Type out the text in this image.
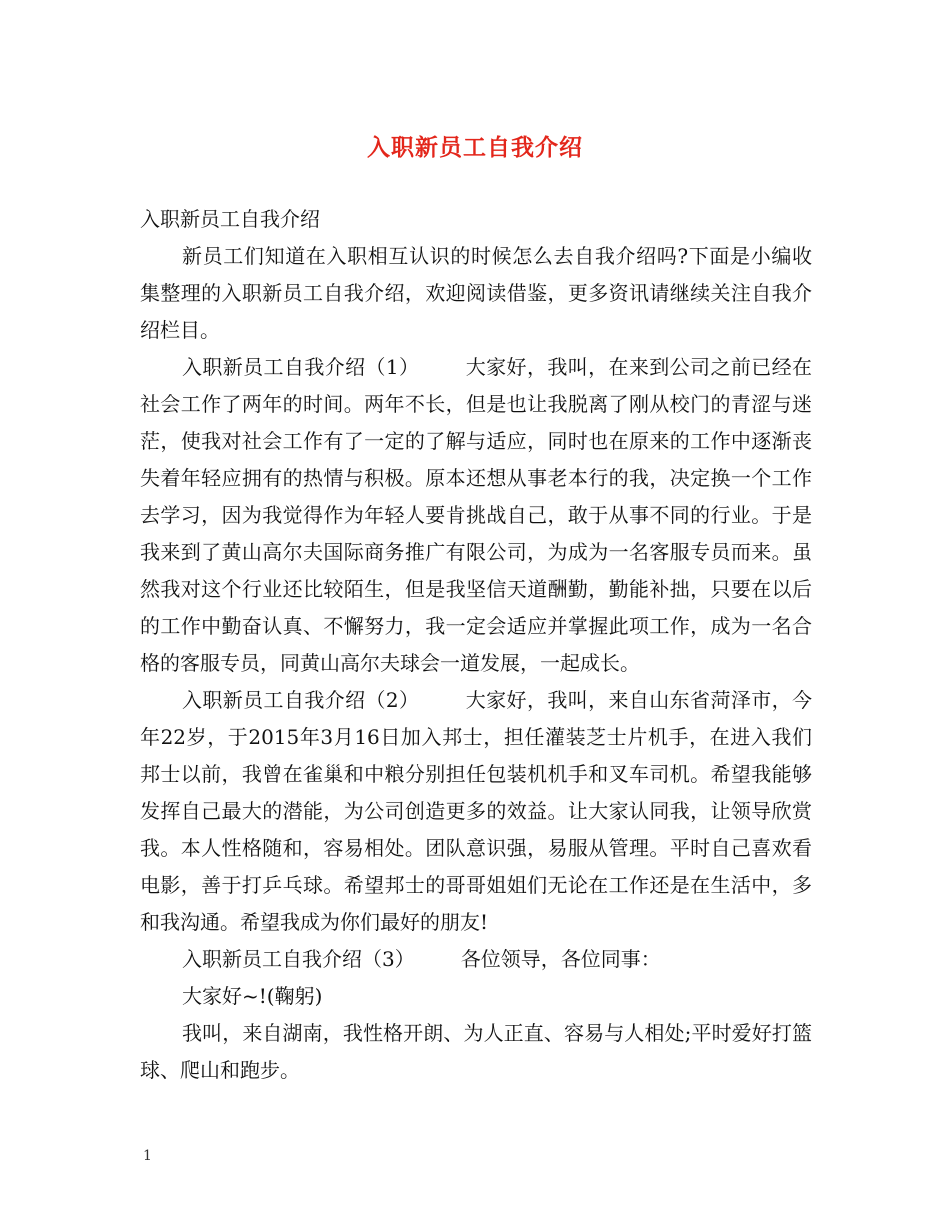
入职新员工自我介绍

入职新员工自我介绍

新员工们知道在入职相互认识的时候怎么去自我介绍吗?下面是小编收集整理的入职新员工自我介绍，欢迎阅读借鉴，更多资讯请继续关注自我介绍栏目。

入职新员工自我介绍（1） 大家好，我叫，在来到公司之前已经在社会工作了两年的时间。两年不长，但是也让我脱离了刚从校门的青涩与迷茫，使我对社会工作有了一定的了解与适应，同时也在原来的工作中逐渐丧失着年轻应拥有的热情与积极。原本还想从事老本行的我，决定换一个工作去学习，因为我觉得作为年轻人要肯挑战自己，敢于从事不同的行业。于是我来到了黄山高尔夫国际商务推广有限公司，为成为一名客服专员而来。虽然我对这个行业还比较陌生，但是我坚信天道酬勤，勤能补拙，只要在以后的工作中勤奋认真、不懈努力，我一定会适应并掌握此项工作，成为一名合格的客服专员，同黄山高尔夫球会一道发展，一起成长。

入职新员工自我介绍（2） 大家好，我叫，来自山东省菏泽市，今年22岁，于2015年3月16日加入邦士，担任灌装芝士片机手，在进入我们邦士以前，我曾在雀巢和中粮分别担任包装机机手和叉车司机。希望我能够发挥自己最大的潜能，为公司创造更多的效益。让大家认同我，让领导欣赏我。本人性格随和，容易相处。团队意识强，易服从管理。平时自己喜欢看电影，善于打乒乓球。希望邦士的哥哥姐姐们无论在工作还是在生活中，多和我沟通。希望我成为你们最好的朋友!

入职新员工自我介绍（3） 各位领导，各位同事：

大家好~!(鞠躬)

我叫，来自湖南，我性格开朗、为人正直、容易与人相处;平时爱好打篮球、爬山和跑步。

1
